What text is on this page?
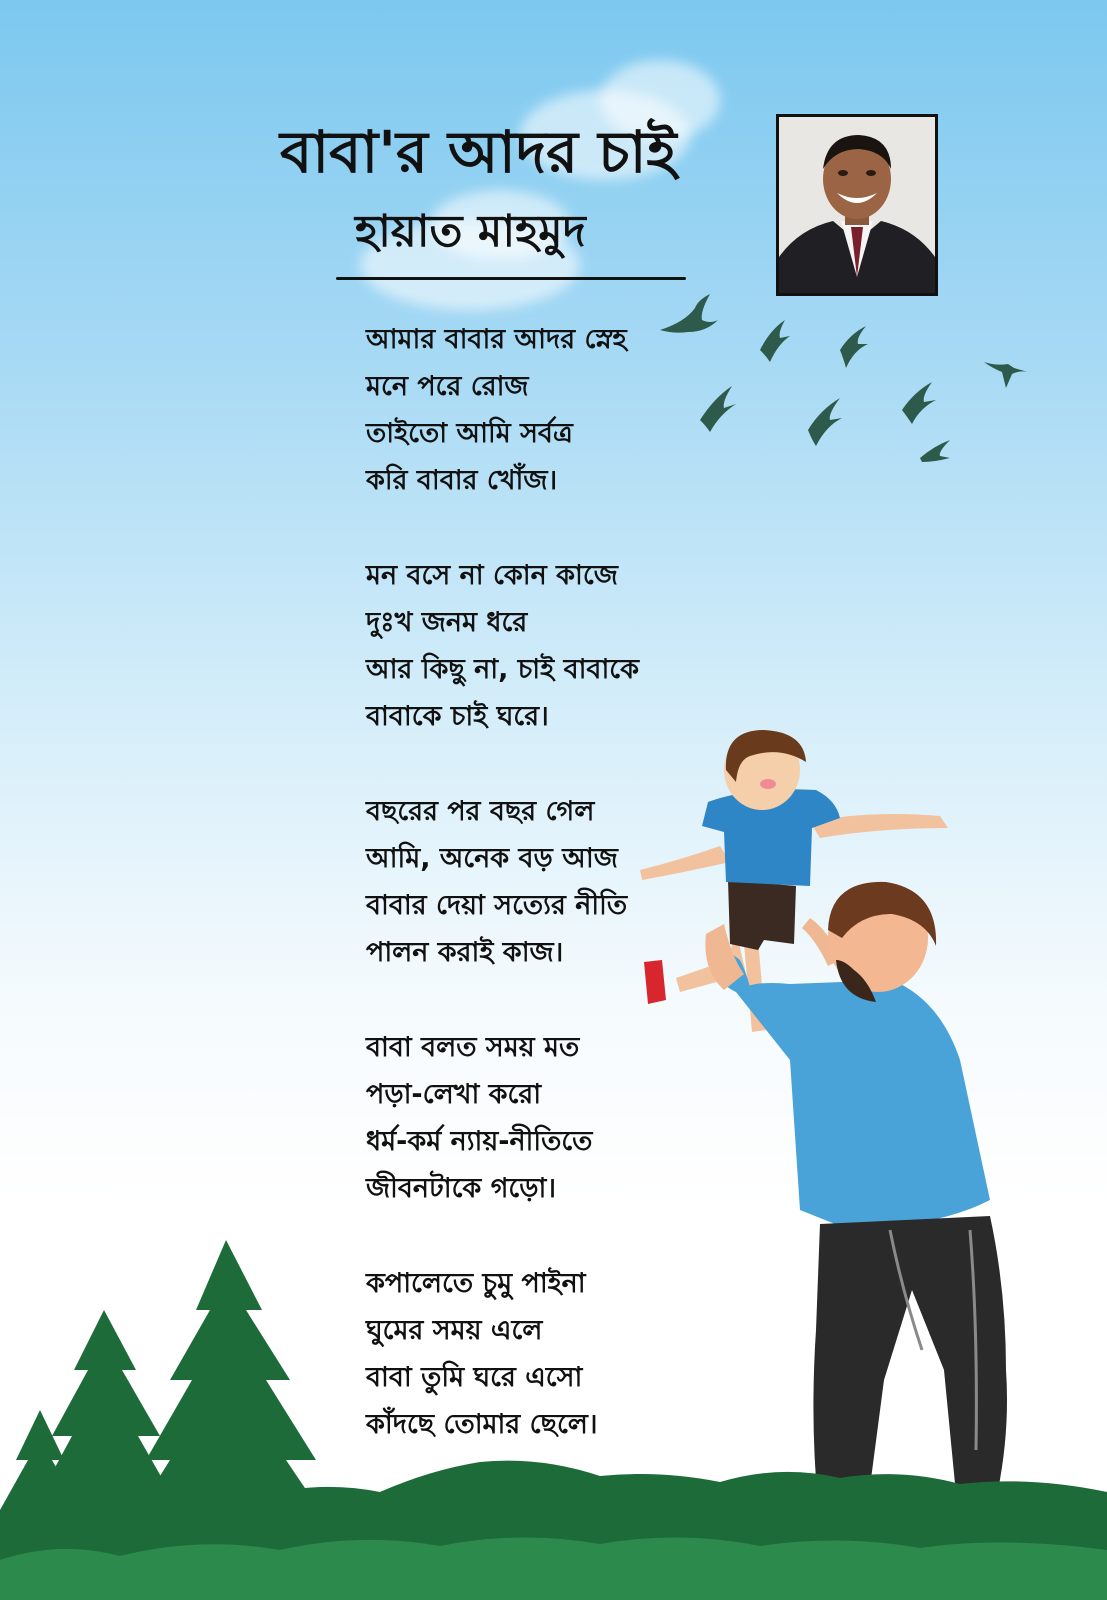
বাবা'র আদর চাই
হায়াত মাহমুদ
আমার বাবার আদর স্নেহ
মনে পরে রোজ
তাইতো আমি সর্বত্র
করি বাবার খোঁজ।
মন বসে না কোন কাজে
দুঃখ জনম ধরে
আর কিছু না, চাই বাবাকে
বাবাকে চাই ঘরে।
বছরের পর বছর গেল
আমি, অনেক বড় আজ
বাবার দেয়া সত্যের নীতি
পালন করাই কাজ।
বাবা বলত সময় মত
পড়া-লেখা করো
ধর্ম-কর্ম ন্যায়-নীতিতে
জীবনটাকে গড়ো।
কপালেতে চুমু পাইনা
ঘুমের সময় এলে
বাবা তুমি ঘরে এসো
কাঁদছে তোমার ছেলে।
